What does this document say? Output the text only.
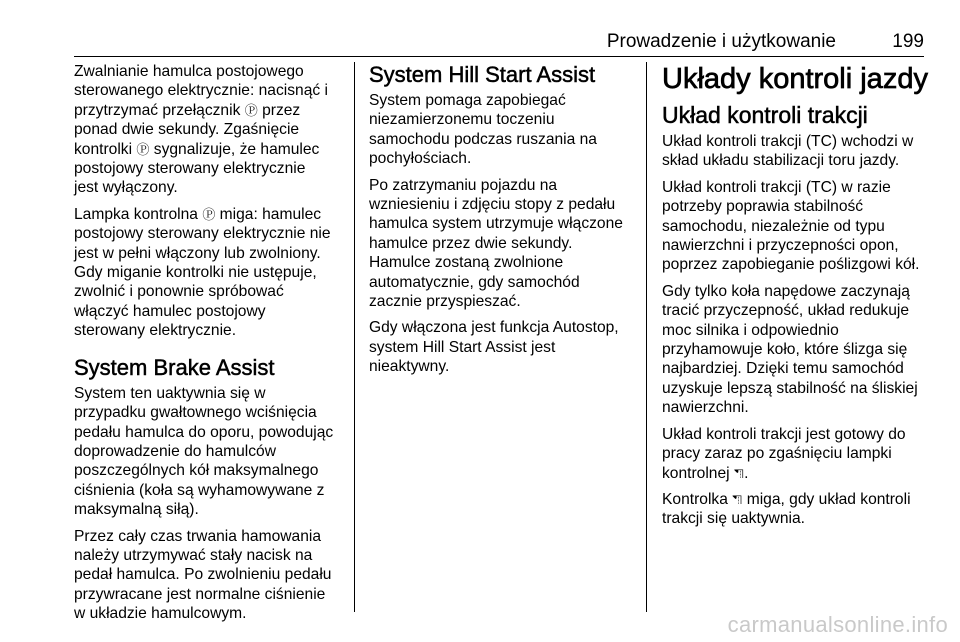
Prowadzenie i użytkowanie	199

Zwalnianie hamulca postojowego
sterowanego elektrycznie: nacisnąć i
przytrzymać przełącznik Ⓟ przez
ponad dwie sekundy. Zgaśnięcie
kontrolki Ⓟ sygnalizuje, że hamulec
postojowy sterowany elektrycznie
jest wyłączony.

Lampka kontrolna Ⓟ miga: hamulec
postojowy sterowany elektrycznie nie
jest w pełni włączony lub zwolniony.
Gdy miganie kontrolki nie ustępuje,
zwolnić i ponownie spróbować
włączyć hamulec postojowy
sterowany elektrycznie.

System Brake Assist

System ten uaktywnia się w
przypadku gwałtownego wciśnięcia
pedału hamulca do oporu, powodując
doprowadzenie do hamulców
poszczególnych kół maksymalnego
ciśnienia (koła są wyhamowywane z
maksymalną siłą).

Przez cały czas trwania hamowania
należy utrzymywać stały nacisk na
pedał hamulca. Po zwolnieniu pedału
przywracane jest normalne ciśnienie
w układzie hamulcowym.

System Hill Start Assist

System pomaga zapobiegać
niezamierzonemu toczeniu
samochodu podczas ruszania na
pochyłościach.

Po zatrzymaniu pojazdu na
wzniesieniu i zdjęciu stopy z pedału
hamulca system utrzymuje włączone
hamulce przez dwie sekundy.
Hamulce zostaną zwolnione
automatycznie, gdy samochód
zacznie przyspieszać.

Gdy włączona jest funkcja Autostop,
system Hill Start Assist jest
nieaktywny.

Układy kontroli jazdy
Układ kontroli trakcji

Układ kontroli trakcji (TC) wchodzi w
skład układu stabilizacji toru jazdy.

Układ kontroli trakcji (TC) w razie
potrzeby poprawia stabilność
samochodu, niezależnie od typu
nawierzchni i przyczepności opon,
poprzez zapobieganie poślizgowi kół.

Gdy tylko koła napędowe zaczynają
tracić przyczepność, układ redukuje
moc silnika i odpowiednio
przyhamowuje koło, które ślizga się
najbardziej. Dzięki temu samochód
uzyskuje lepszą stabilność na śliskiej
nawierzchni.

Układ kontroli trakcji jest gotowy do
pracy zaraz po zgaśnięciu lampki
kontrolnej ⛠.

Kontrolka ⛠ miga, gdy układ kontroli
trakcji się uaktywnia.

carmanualsonline.info
